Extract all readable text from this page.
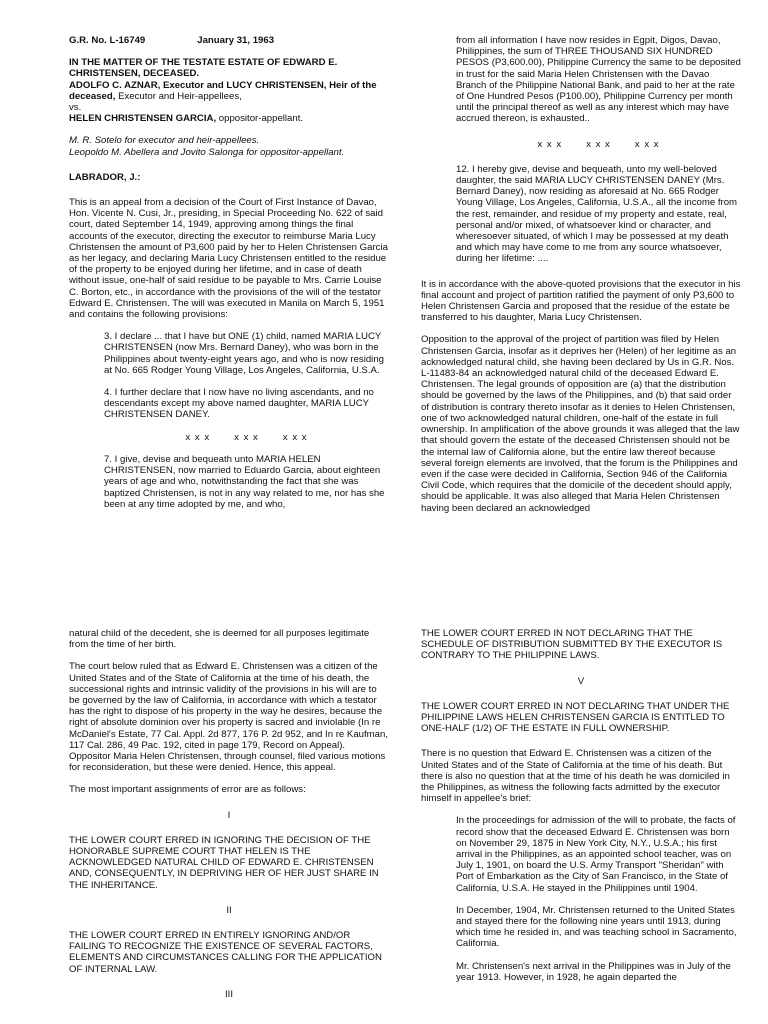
G.R. No. L-16749	January 31, 1963

IN THE MATTER OF THE TESTATE ESTATE OF EDWARD E. CHRISTENSEN, DECEASED.
ADOLFO C. AZNAR, Executor and LUCY CHRISTENSEN, Heir of the deceased, Executor and Heir-appellees,
vs.
HELEN CHRISTENSEN GARCIA, oppositor-appellant.

M. R. Sotelo for executor and heir-appellees.
Leopoldo M. Abellera and Jovito Salonga for oppositor-appellant.

LABRADOR, J.:

This is an appeal from a decision of the Court of First Instance of Davao, Hon. Vicente N. Cusi, Jr., presiding, in Special Proceeding No. 622 of said court, dated September 14, 1949, approving among things the final accounts of the executor, directing the executor to reimburse Maria Lucy Christensen the amount of P3,600 paid by her to Helen Christensen Garcia as her legacy, and declaring Maria Lucy Christensen entitled to the residue of the property to be enjoyed during her lifetime, and in case of death without issue, one-half of said residue to be payable to Mrs. Carrie Louise C. Borton, etc., in accordance with the provisions of the will of the testator Edward E. Christensen. The will was executed in Manila on March 5, 1951 and contains the following provisions:

3. I declare ... that I have but ONE (1) child, named MARIA LUCY CHRISTENSEN (now Mrs. Bernard Daney), who was born in the Philippines about twenty-eight years ago, and who is now residing at No. 665 Rodger Young Village, Los Angeles, California, U.S.A.

4. I further declare that I now have no living ascendants, and no descendants except my above named daughter, MARIA LUCY CHRISTENSEN DANEY.

x x x	x x x	x x x

7. I give, devise and bequeath unto MARIA HELEN CHRISTENSEN, now married to Eduardo Garcia, about eighteen years of age and who, notwithstanding the fact that she was baptized Christensen, is not in any way related to me, nor has she been at any time adopted by me, and who,

from all information I have now resides in Egpit, Digos, Davao, Philippines, the sum of THREE THOUSAND SIX HUNDRED PESOS (P3,600.00), Philippine Currency the same to be deposited in trust for the said Maria Helen Christensen with the Davao Branch of the Philippine National Bank, and paid to her at the rate of One Hundred Pesos (P100.00), Philippine Currency per month until the principal thereof as well as any interest which may have accrued thereon, is exhausted..

x x x	x x x	x x x

12. I hereby give, devise and bequeath, unto my well-beloved daughter, the said MARIA LUCY CHRISTENSEN DANEY (Mrs. Bernard Daney), now residing as aforesaid at No. 665 Rodger Young Village, Los Angeles, California, U.S.A., all the income from the rest, remainder, and residue of my property and estate, real, personal and/or mixed, of whatsoever kind or character, and wheresoever situated, of which I may be possessed at my death and which may have come to me from any source whatsoever, during her lifetime: ....

It is in accordance with the above-quoted provisions that the executor in his final account and project of partition ratified the payment of only P3,600 to Helen Christensen Garcia and proposed that the residue of the estate be transferred to his daughter, Maria Lucy Christensen.

Opposition to the approval of the project of partition was filed by Helen Christensen Garcia, insofar as it deprives her (Helen) of her legitime as an acknowledged natural child, she having been declared by Us in G.R. Nos. L-11483-84 an acknowledged natural child of the deceased Edward E. Christensen. The legal grounds of opposition are (a) that the distribution should be governed by the laws of the Philippines, and (b) that said order of distribution is contrary thereto insofar as it denies to Helen Christensen, one of two acknowledged natural children, one-half of the estate in full ownership. In amplification of the above grounds it was alleged that the law that should govern the estate of the deceased Christensen should not be the internal law of California alone, but the entire law thereof because several foreign elements are involved, that the forum is the Philippines and even if the case were decided in California, Section 946 of the California Civil Code, which requires that the domicile of the decedent should apply, should be applicable. It was also alleged that Maria Helen Christensen having been declared an acknowledged

natural child of the decedent, she is deemed for all purposes legitimate from the time of her birth.

The court below ruled that as Edward E. Christensen was a citizen of the United States and of the State of California at the time of his death, the successional rights and intrinsic validity of the provisions in his will are to be governed by the law of California, in accordance with which a testator has the right to dispose of his property in the way he desires, because the right of absolute dominion over his property is sacred and inviolable (In re McDaniel's Estate, 77 Cal. Appl. 2d 877, 176 P. 2d 952, and In re Kaufman, 117 Cal. 286, 49 Pac. 192, cited in page 179, Record on Appeal). Oppositor Maria Helen Christensen, through counsel, filed various motions for reconsideration, but these were denied. Hence, this appeal.

The most important assignments of error are as follows:

I

THE LOWER COURT ERRED IN IGNORING THE DECISION OF THE HONORABLE SUPREME COURT THAT HELEN IS THE ACKNOWLEDGED NATURAL CHILD OF EDWARD E. CHRISTENSEN AND, CONSEQUENTLY, IN DEPRIVING HER OF HER JUST SHARE IN THE INHERITANCE.

II

THE LOWER COURT ERRED IN ENTIRELY IGNORING AND/OR FAILING TO RECOGNIZE THE EXISTENCE OF SEVERAL FACTORS, ELEMENTS AND CIRCUMSTANCES CALLING FOR THE APPLICATION OF INTERNAL LAW.

III

THE LOWER COURT ERRED IN NOT DECLARING THAT THE SCHEDULE OF DISTRIBUTION SUBMITTED BY THE EXECUTOR IS CONTRARY TO THE PHILIPPINE LAWS.

V

THE LOWER COURT ERRED IN NOT DECLARING THAT UNDER THE PHILIPPINE LAWS HELEN CHRISTENSEN GARCIA IS ENTITLED TO ONE-HALF (1/2) OF THE ESTATE IN FULL OWNERSHIP.

There is no question that Edward E. Christensen was a citizen of the United States and of the State of California at the time of his death. But there is also no question that at the time of his death he was domiciled in the Philippines, as witness the following facts admitted by the executor himself in appellee's brief:

In the proceedings for admission of the will to probate, the facts of record show that the deceased Edward E. Christensen was born on November 29, 1875 in New York City, N.Y., U.S.A.; his first arrival in the Philippines, as an appointed school teacher, was on July 1, 1901, on board the U.S. Army Transport "Sheridan" with Port of Embarkation as the City of San Francisco, in the State of California, U.S.A. He stayed in the Philippines until 1904.

In December, 1904, Mr. Christensen returned to the United States and stayed there for the following nine years until 1913, during which time he resided in, and was teaching school in Sacramento, California.

Mr. Christensen's next arrival in the Philippines was in July of the year 1913. However, in 1928, he again departed the
